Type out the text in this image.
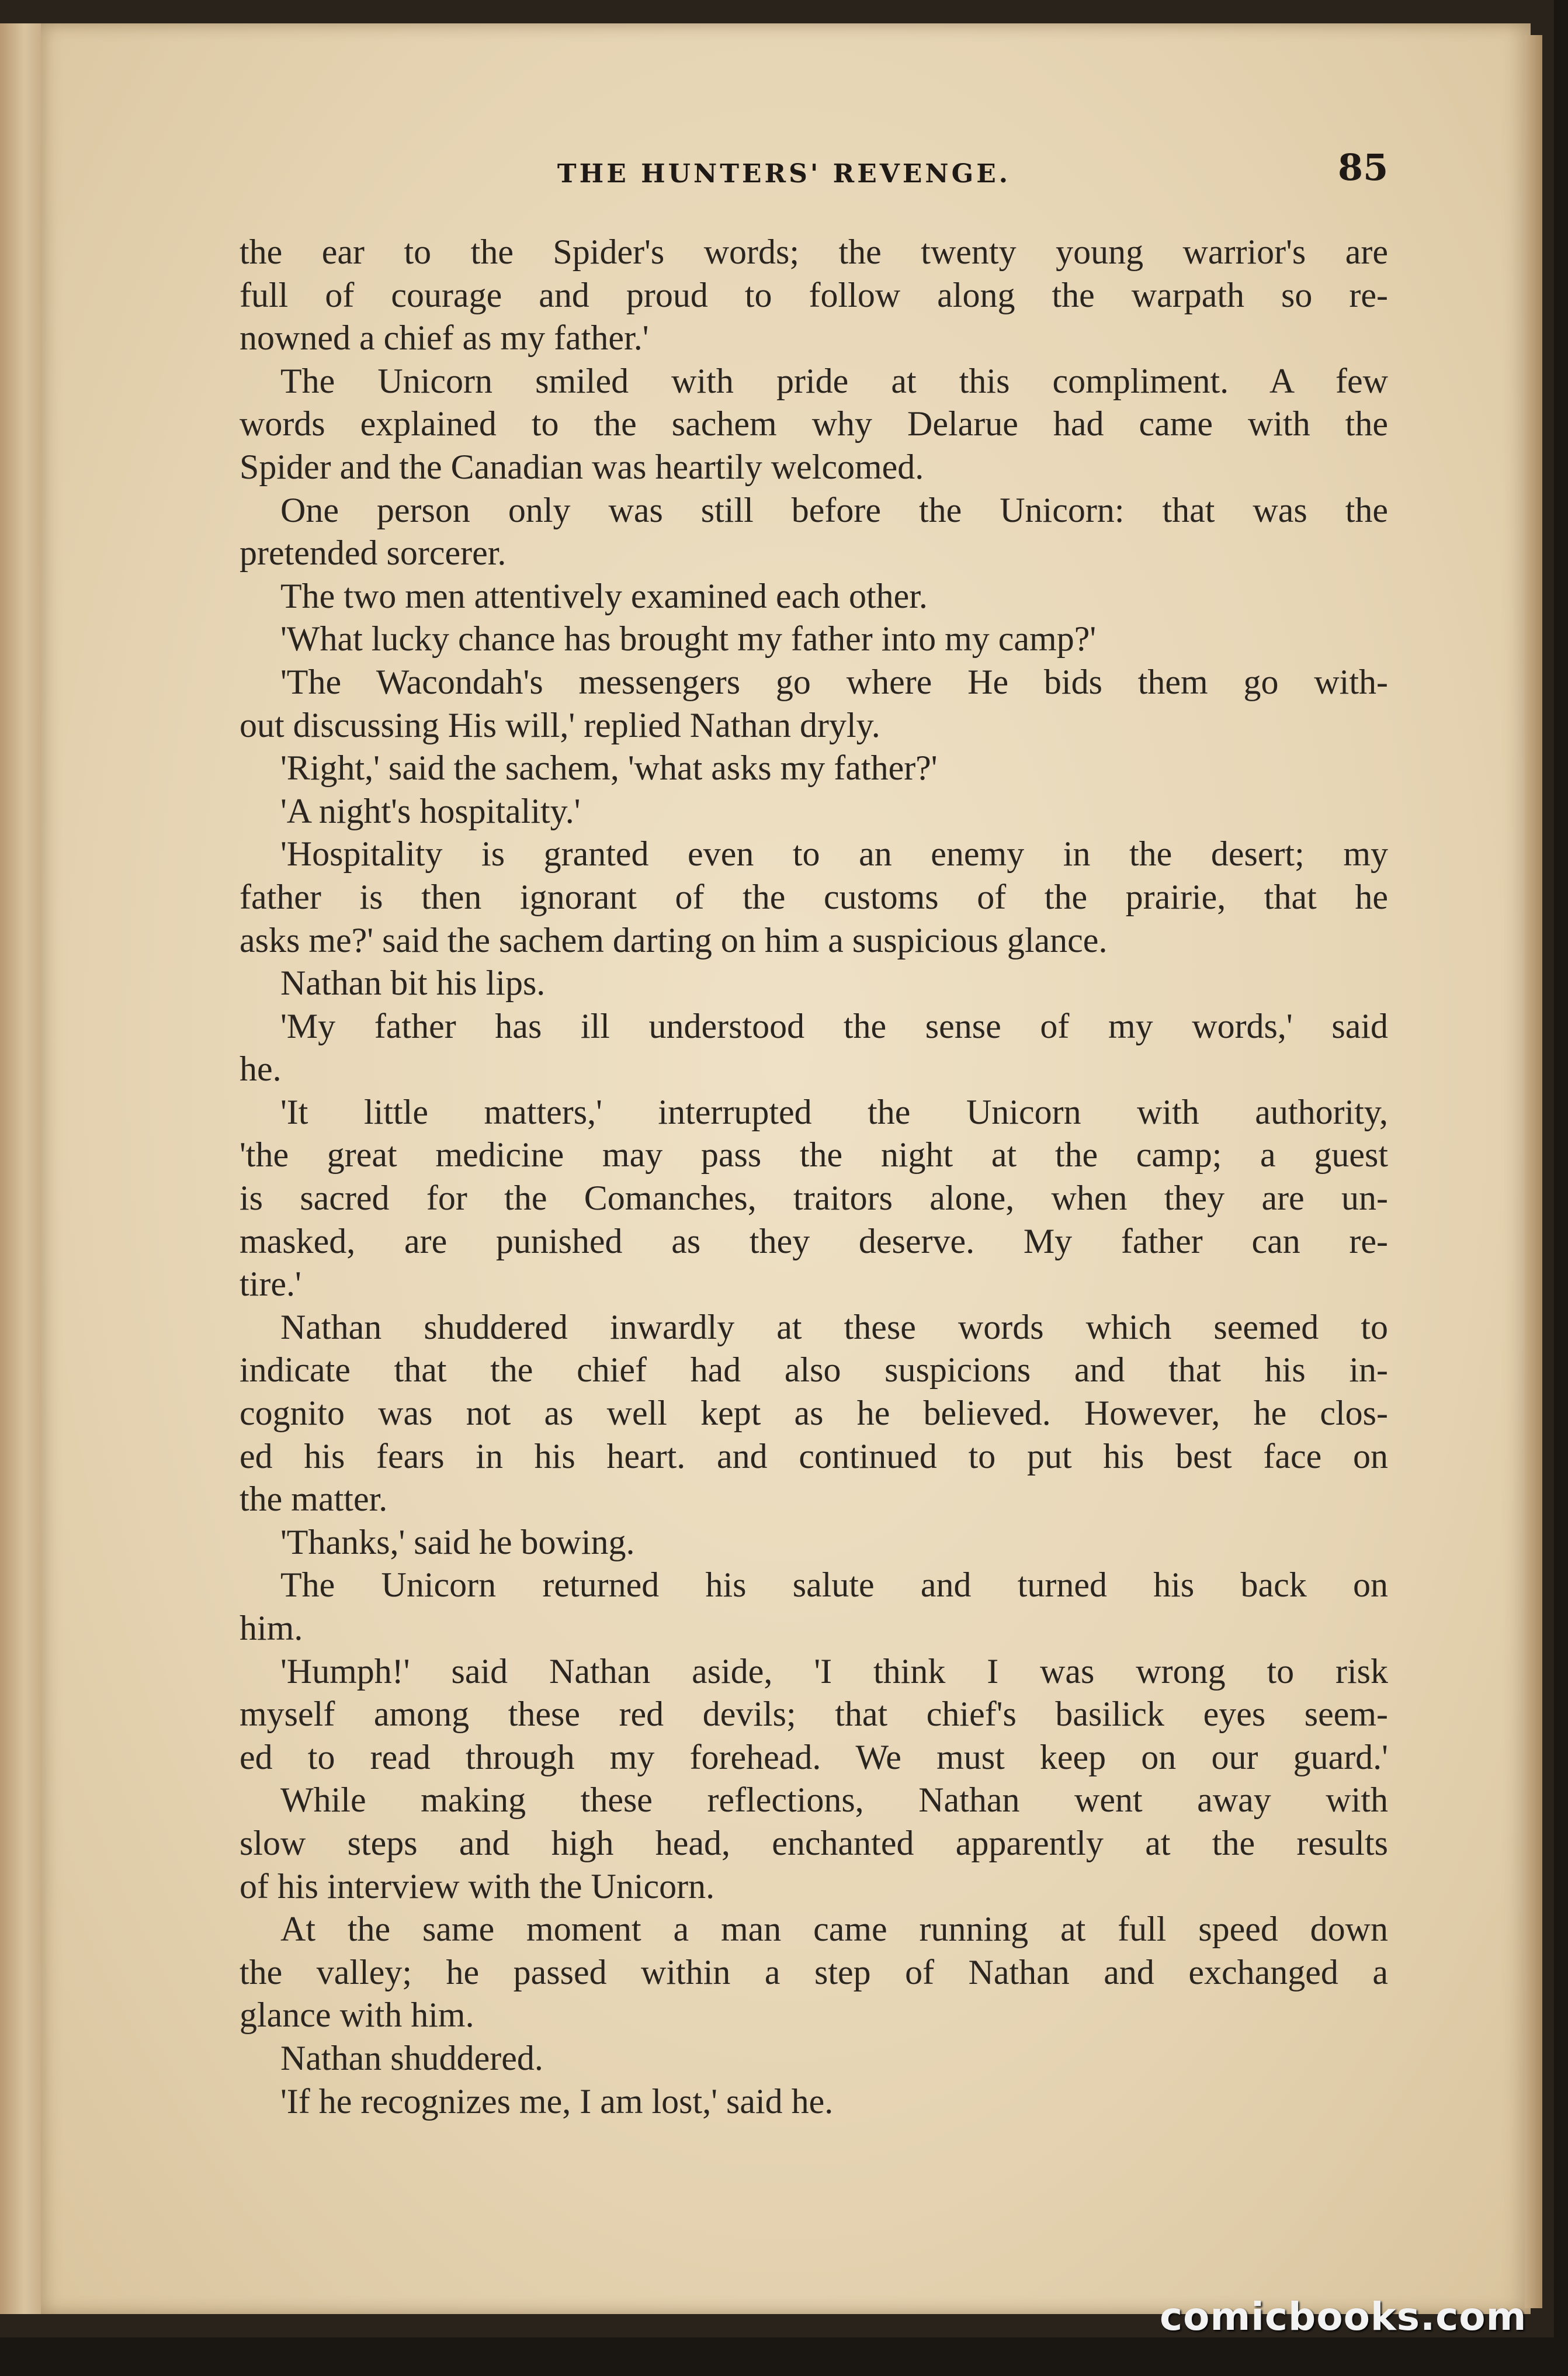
THE HUNTERS' REVENGE.	85
the ear to the Spider's words; the twenty young warrior's are
full of courage and proud to follow along the warpath so re-
nowned a chief as my father.'
The Unicorn smiled with pride at this compliment. A few
words explained to the sachem why Delarue had came with the
Spider and the Canadian was heartily welcomed.
One person only was still before the Unicorn: that was the
pretended sorcerer.
The two men attentively examined each other.
'What lucky chance has brought my father into my camp?'
'The Wacondah's messengers go where He bids them go with-
out discussing His will,' replied Nathan dryly.
'Right,' said the sachem, 'what asks my father?'
'A night's hospitality.'
'Hospitality is granted even to an enemy in the desert; my
father is then ignorant of the customs of the prairie, that he
asks me?' said the sachem darting on him a suspicious glance.
Nathan bit his lips.
'My father has ill understood the sense of my words,' said
he.
'It little matters,' interrupted the Unicorn with authority,
'the great medicine may pass the night at the camp; a guest
is sacred for the Comanches, traitors alone, when they are un-
masked, are punished as they deserve. My father can re-
tire.'
Nathan shuddered inwardly at these words which seemed to
indicate that the chief had also suspicions and that his in-
cognito was not as well kept as he believed. However, he clos-
ed his fears in his heart. and continued to put his best face on
the matter.
'Thanks,' said he bowing.
The Unicorn returned his salute and turned his back on
him.
'Humph!' said Nathan aside, 'I think I was wrong to risk
myself among these red devils; that chief's basilick eyes seem-
ed to read through my forehead. We must keep on our guard.'
While making these reflections, Nathan went away with
slow steps and high head, enchanted apparently at the results
of his interview with the Unicorn.
At the same moment a man came running at full speed down
the valley; he passed within a step of Nathan and exchanged a
glance with him.
Nathan shuddered.
'If he recognizes me, I am lost,' said he.
comicbooks.com
